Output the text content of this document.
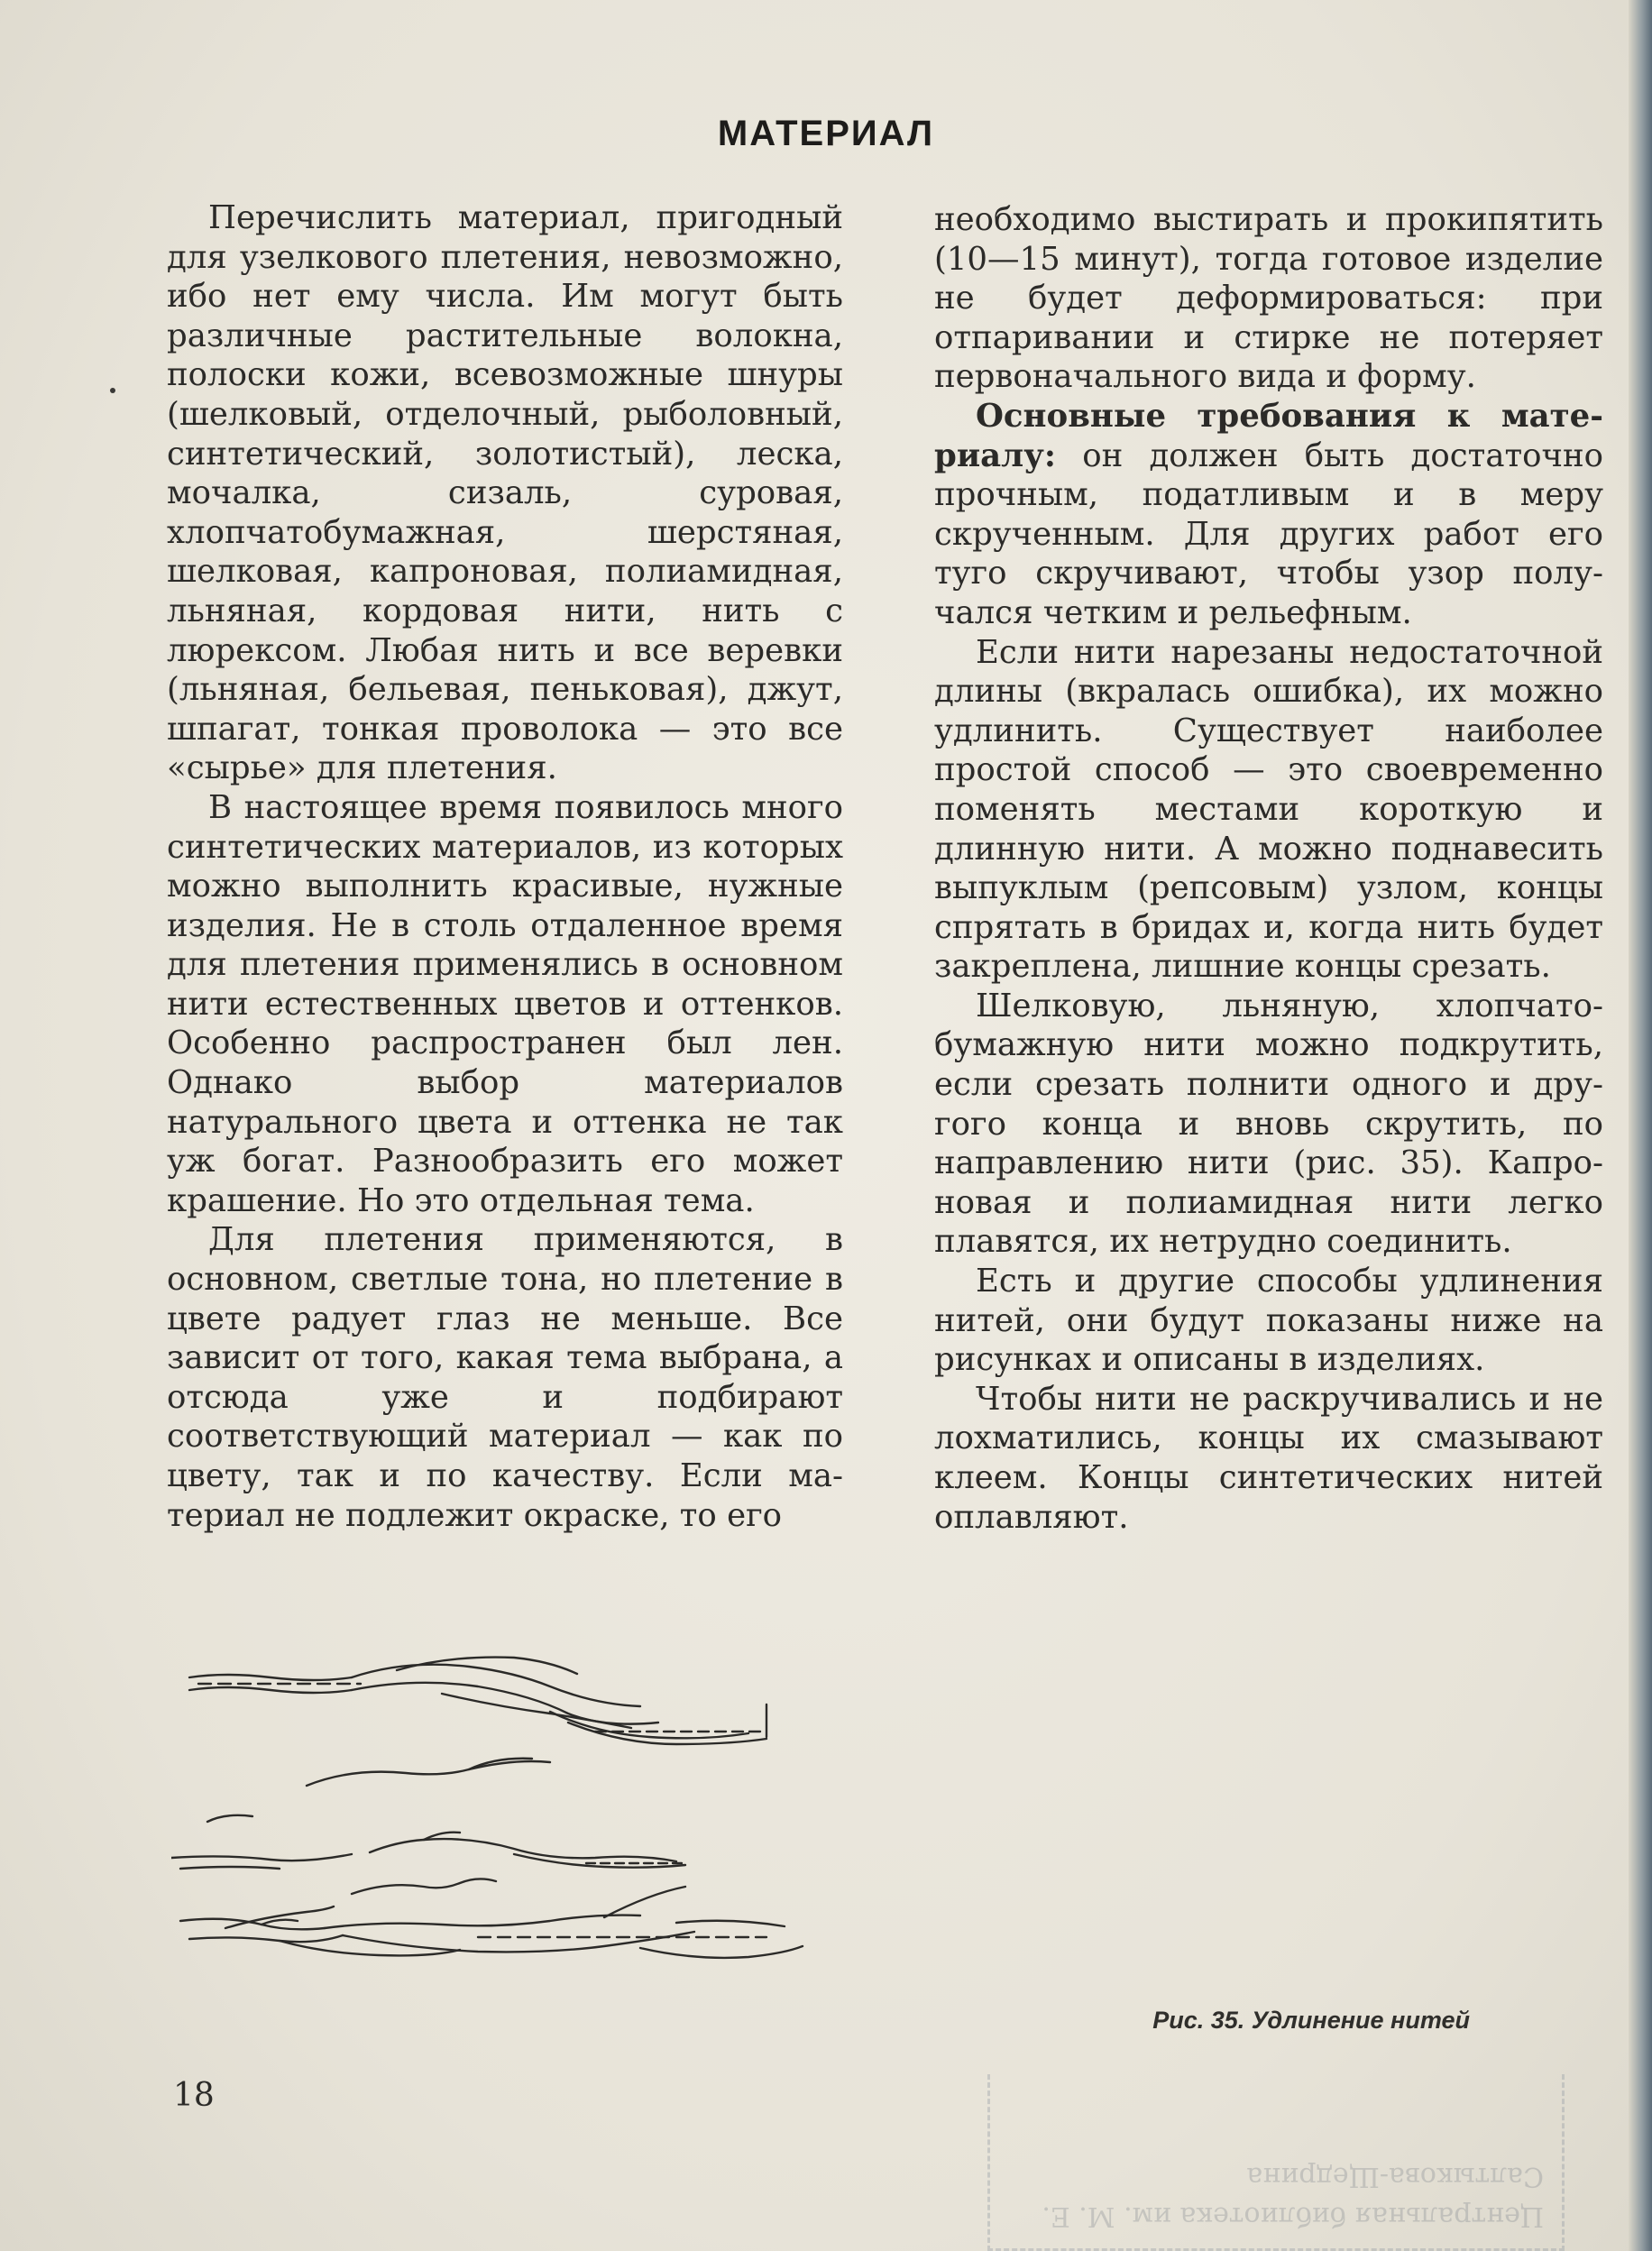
МАТЕРИАЛ

Перечислить материал, пригодный для узелкового плетения, невозможно, ибо нет ему числа. Им могут быть различные растительные волокна, полоски кожи, всевозможные шнуры (шелковый, отделочный, рыболовный, синтетический, золотистый), леска, мочалка, сизаль, суровая, хлопчатобумажная, шерстяная, шелковая, капроновая, полиамидная, льняная, кордовая нити, нить с люрексом. Любая нить и все веревки (льняная, бельевая, пеньковая), джут, шпагат, тонкая проволока — это все «сырье» для плетения.

В настоящее время появилось много синтетических материалов, из которых можно выполнить красивые, нужные изделия. Не в столь отдаленное время для плетения применялись в основном нити естественных цветов и оттенков. Особенно распространен был лен. Однако выбор материалов натурального цвета и оттенка не так уж богат. Разнообразить его может крашение. Но это отдельная тема.

Для плетения применяются, в основном, светлые тона, но плетение в цвете радует глаз не меньше. Все зависит от того, какая тема выбрана, а отсюда уже и подбирают соответствующий материал — как по цвету, так и по качеству. Если материал не подлежит окраске, то его

необходимо выстирать и прокипятить (10—15 минут), тогда готовое изделие не будет деформироваться: при отпаривании и стирке не потеряет первоначального вида и форму.

Основные требования к материалу: он должен быть достаточно прочным, податливым и в меру скрученным. Для других работ его туго скручивают, чтобы узор получался четким и рельефным.

Если нити нарезаны недостаточной длины (вкралась ошибка), их можно удлинить. Существует наиболее простой способ — это своевременно поменять местами короткую и длинную нити. А можно поднавесить выпуклым (репсовым) узлом, концы спрятать в бридах и, когда нить будет закреплена, лишние концы срезать.

Шелковую, льняную, хлопчатобумажную нити можно подкрутить, если срезать полнити одного и другого конца и вновь скрутить, по направлению нити (рис. 35). Капроновая и полиамидная нити легко плавятся, их нетрудно соединить.

Есть и другие способы удлинения нитей, они будут показаны ниже на рисунках и описаны в изделиях.

Чтобы нити не раскручивались и не лохматились, концы их смазывают клеем. Концы синтетических нитей оплавляют.

Рис. 35. Удлинение нитей
18
Центральная библиотека им. М. Е. Салтыкова-Щедрина
